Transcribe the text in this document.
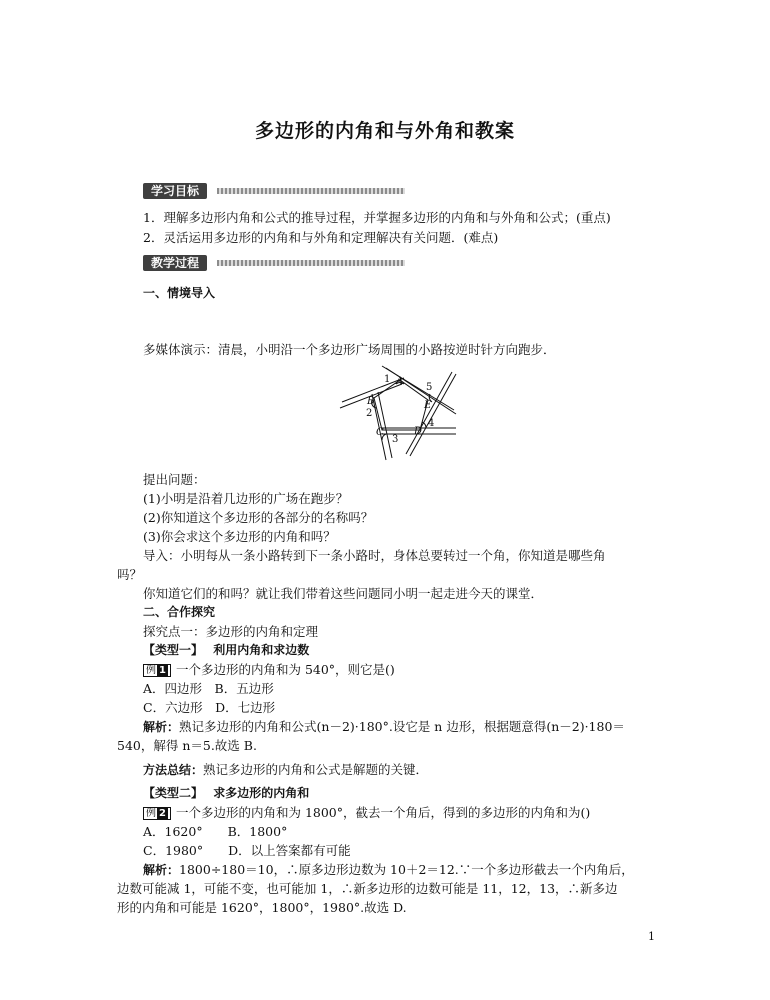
多边形的内角和与外角和教案
学习目标
1．理解多边形内角和公式的推导过程，并掌握多边形的内角和与外角和公式；(重点)
2．灵活运用多边形的内角和与外角和定理解决有关问题．(难点)
教学过程
一、情境导入
多媒体演示：清晨，小明沿一个多边形广场周围的小路按逆时针方向跑步．
A
B
C	D
E
1
2
3
4
5
提出问题：
(1)小明是沿着几边形的广场在跑步？
(2)你知道这个多边形的各部分的名称吗？
(3)你会求这个多边形的内角和吗？
导入：小明每从一条小路转到下一条小路时，身体总要转过一个角，你知道是哪些角
吗？
你知道它们的和吗？就让我们带着这些问题同小明一起走进今天的课堂．
二、合作探究
探究点一：多边形的内角和定理
【类型一】 利用内角和求边数
例 1 一个多边形的内角和为 540°，则它是()
A．四边形　B．五边形
C．六边形　D．七边形
解析：熟记多边形的内角和公式(n－2)·180°.设它是 n 边形，根据题意得(n－2)·180＝
540，解得 n＝5.故选 B.
方法总结：熟记多边形的内角和公式是解题的关键．
【类型二】 求多边形的内角和
例 2 一个多边形的内角和为 1800°，截去一个角后，得到的多边形的内角和为()
A．1620°　　B．1800°
C．1980°　　D．以上答案都有可能
解析：1800÷180＝10，∴原多边形边数为 10＋2＝12.∵一个多边形截去一个内角后，
边数可能减 1，可能不变，也可能加 1，∴新多边形的边数可能是 11，12，13，∴新多边
形的内角和可能是 1620°，1800°，1980°.故选 D.
1
